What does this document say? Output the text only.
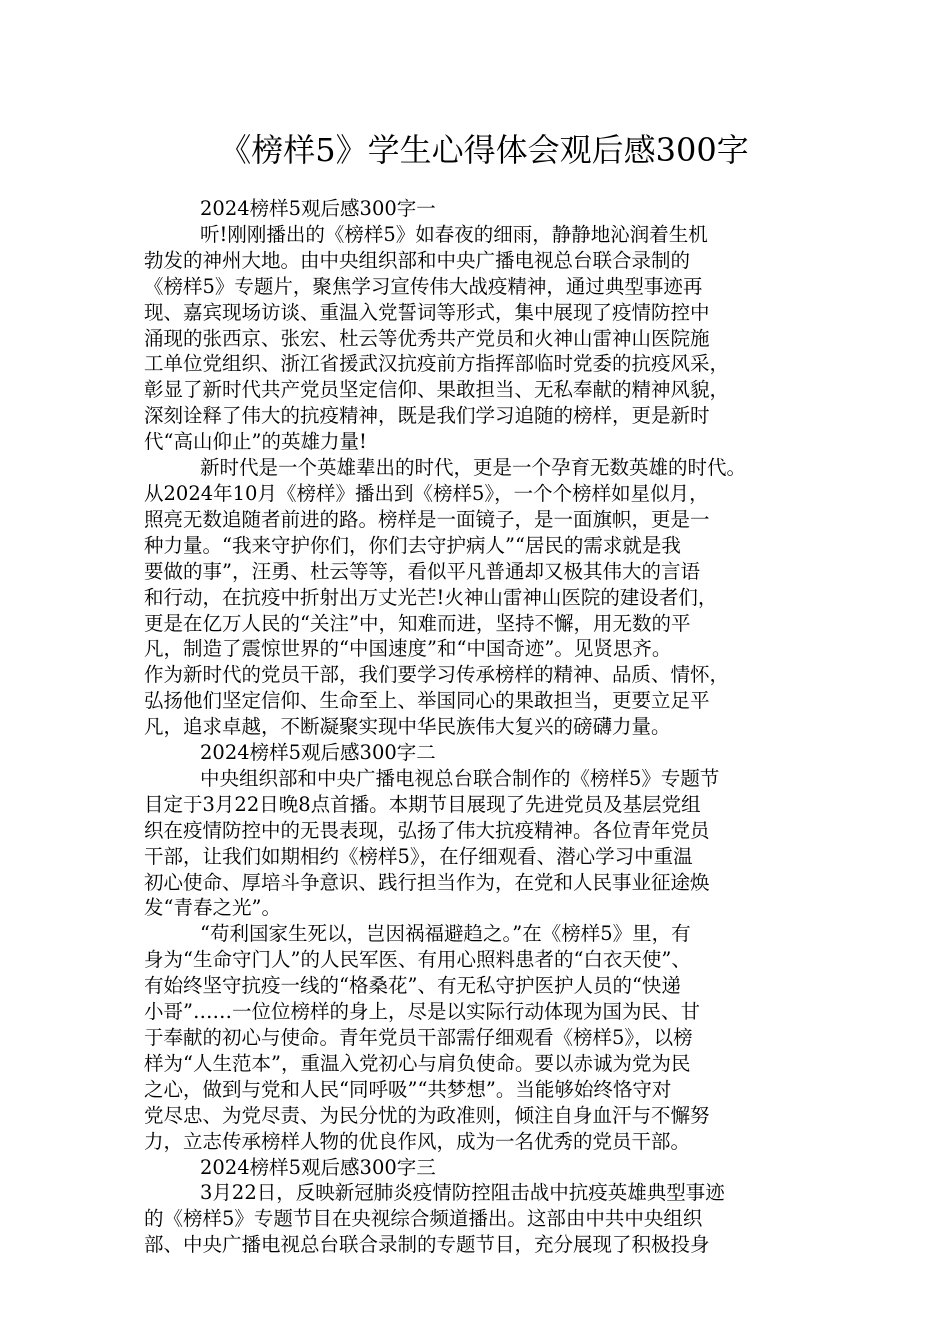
《榜样5》学生心得体会观后感300字
2024榜样5观后感300字一
听!刚刚播出的《榜样5》如春夜的细雨，静静地沁润着生机
勃发的神州大地。由中央组织部和中央广播电视总台联合录制的
《榜样5》专题片，聚焦学习宣传伟大战疫精神，通过典型事迹再
现、嘉宾现场访谈、重温入党誓词等形式，集中展现了疫情防控中
涌现的张西京、张宏、杜云等优秀共产党员和火神山雷神山医院施
工单位党组织、浙江省援武汉抗疫前方指挥部临时党委的抗疫风采，
彰显了新时代共产党员坚定信仰、果敢担当、无私奉献的精神风貌，
深刻诠释了伟大的抗疫精神，既是我们学习追随的榜样，更是新时
代“高山仰止”的英雄力量!
新时代是一个英雄辈出的时代，更是一个孕育无数英雄的时代。
从2024年10月《榜样》播出到《榜样5》，一个个榜样如星似月，
照亮无数追随者前进的路。榜样是一面镜子，是一面旗帜，更是一
种力量。“我来守护你们，你们去守护病人”“居民的需求就是我
要做的事”，汪勇、杜云等等，看似平凡普通却又极其伟大的言语
和行动，在抗疫中折射出万丈光芒!火神山雷神山医院的建设者们，
更是在亿万人民的“关注”中，知难而进，坚持不懈，用无数的平
凡，制造了震惊世界的“中国速度”和“中国奇迹”。见贤思齐。
作为新时代的党员干部，我们要学习传承榜样的精神、品质、情怀，
弘扬他们坚定信仰、生命至上、举国同心的果敢担当，更要立足平
凡，追求卓越，不断凝聚实现中华民族伟大复兴的磅礴力量。
2024榜样5观后感300字二
中央组织部和中央广播电视总台联合制作的《榜样5》专题节
目定于3月22日晚8点首播。本期节目展现了先进党员及基层党组
织在疫情防控中的无畏表现，弘扬了伟大抗疫精神。各位青年党员
干部，让我们如期相约《榜样5》，在仔细观看、潜心学习中重温
初心使命、厚培斗争意识、践行担当作为，在党和人民事业征途焕
发“青春之光”。
“苟利国家生死以，岂因祸福避趋之。”在《榜样5》里，有
身为“生命守门人”的人民军医、有用心照料患者的“白衣天使”、
有始终坚守抗疫一线的“格桑花”、有无私守护医护人员的“快递
小哥”……一位位榜样的身上，尽是以实际行动体现为国为民、甘
于奉献的初心与使命。青年党员干部需仔细观看《榜样5》，以榜
样为“人生范本”，重温入党初心与肩负使命。要以赤诚为党为民
之心，做到与党和人民“同呼吸”“共梦想”。当能够始终恪守对
党尽忠、为党尽责、为民分忧的为政准则，倾注自身血汗与不懈努
力，立志传承榜样人物的优良作风，成为一名优秀的党员干部。
2024榜样5观后感300字三
3月22日，反映新冠肺炎疫情防控阻击战中抗疫英雄典型事迹
的《榜样5》专题节目在央视综合频道播出。这部由中共中央组织
部、中央广播电视总台联合录制的专题节目，充分展现了积极投身
